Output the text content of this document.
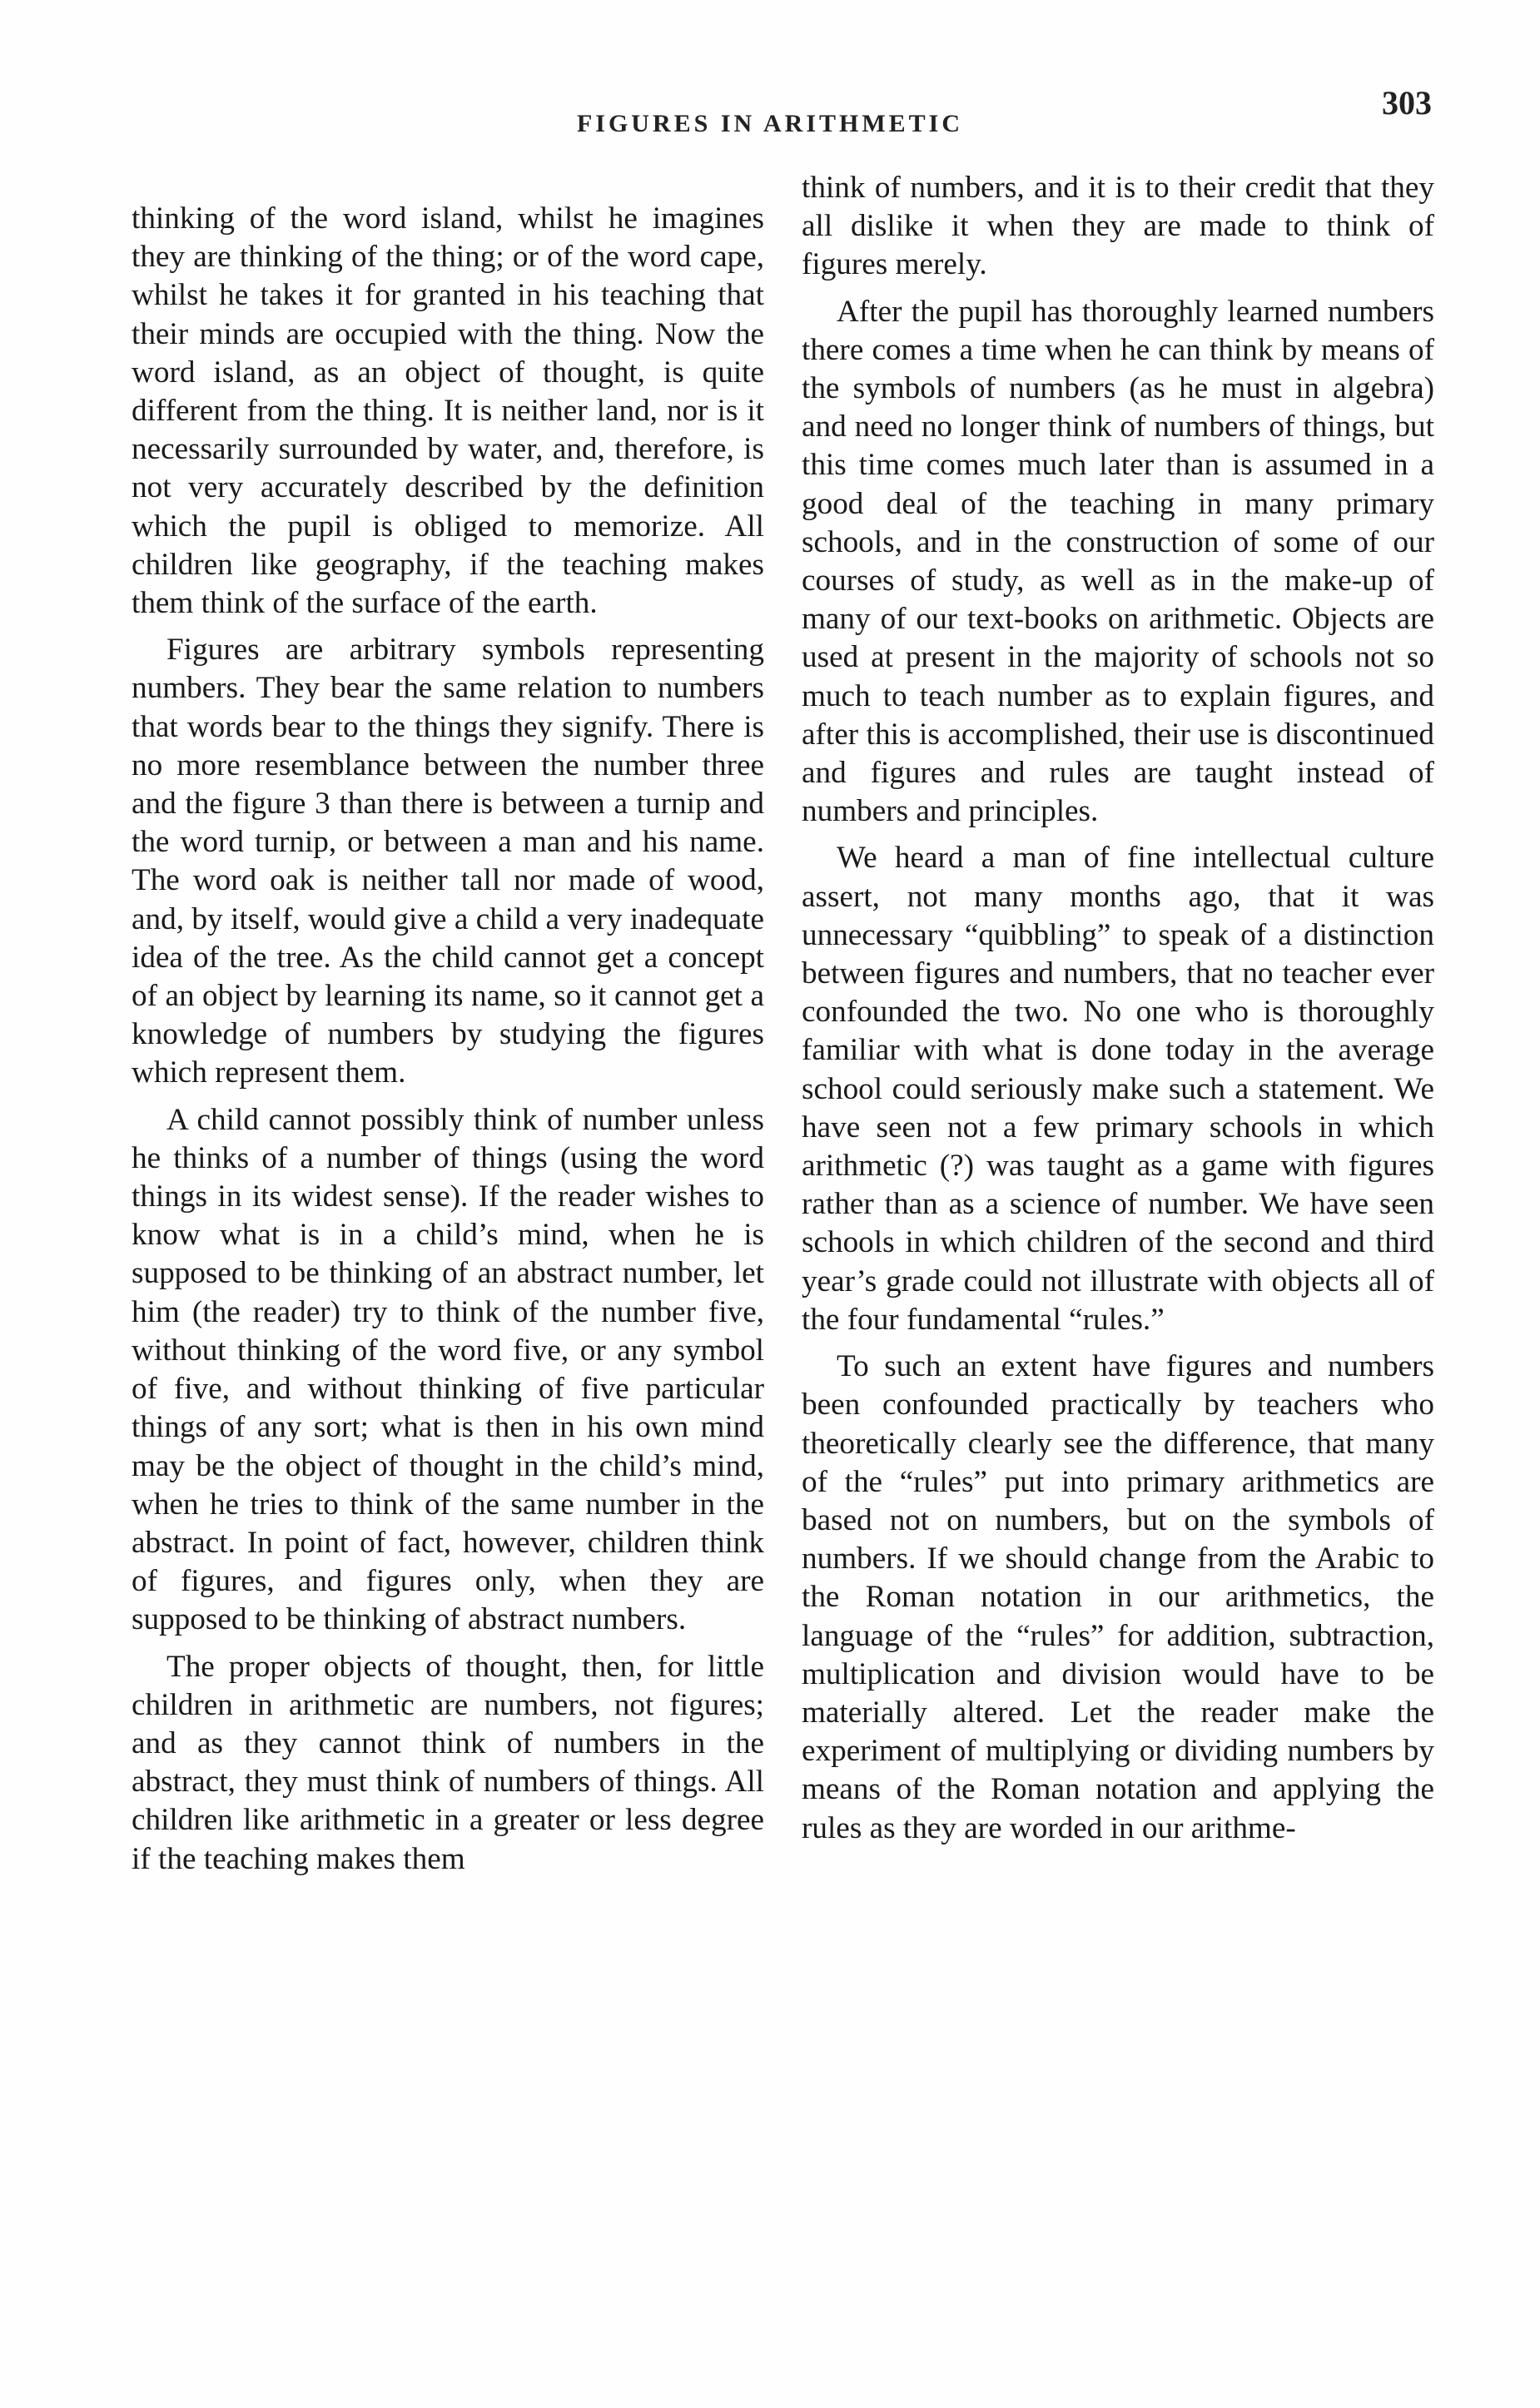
303
FIGURES IN ARITHMETIC

thinking of the word island, whilst he imagines they are thinking of the thing; or of the word cape, whilst he takes it for granted in his teaching that their minds are occupied with the thing. Now the word island, as an object of thought, is quite different from the thing. It is neither land, nor is it necessarily surrounded by water, and, therefore, is not very accurately described by the definition which the pupil is obliged to memorize. All children like geography, if the teaching makes them think of the surface of the earth.

Figures are arbitrary symbols representing numbers. They bear the same relation to numbers that words bear to the things they signify. There is no more resemblance between the number three and the figure 3 than there is between a turnip and the word turnip, or between a man and his name. The word oak is neither tall nor made of wood, and, by itself, would give a child a very inadequate idea of the tree. As the child cannot get a concept of an object by learning its name, so it cannot get a knowledge of numbers by studying the figures which represent them.

A child cannot possibly think of number unless he thinks of a number of things (using the word things in its widest sense). If the reader wishes to know what is in a child’s mind, when he is supposed to be thinking of an abstract number, let him (the reader) try to think of the number five, without thinking of the word five, or any symbol of five, and without thinking of five particular things of any sort; what is then in his own mind may be the object of thought in the child’s mind, when he tries to think of the same number in the abstract. In point of fact, however, children think of figures, and figures only, when they are supposed to be thinking of abstract numbers.

The proper objects of thought, then, for little children in arithmetic are numbers, not figures; and as they cannot think of numbers in the abstract, they must think of numbers of things. All children like arithmetic in a greater or less degree if the teaching makes them

think of numbers, and it is to their credit that they all dislike it when they are made to think of figures merely.

After the pupil has thoroughly learned numbers there comes a time when he can think by means of the symbols of numbers (as he must in algebra) and need no longer think of numbers of things, but this time comes much later than is assumed in a good deal of the teaching in many primary schools, and in the construction of some of our courses of study, as well as in the make-up of many of our text-books on arithmetic. Objects are used at present in the majority of schools not so much to teach number as to explain figures, and after this is accomplished, their use is discontinued and figures and rules are taught instead of numbers and principles.

We heard a man of fine intellectual culture assert, not many months ago, that it was unnecessary “quibbling” to speak of a distinction between figures and numbers, that no teacher ever confounded the two. No one who is thoroughly familiar with what is done today in the average school could seriously make such a statement. We have seen not a few primary schools in which arithmetic (?) was taught as a game with figures rather than as a science of number. We have seen schools in which children of the second and third year’s grade could not illustrate with objects all of the four fundamental “rules.”

To such an extent have figures and numbers been confounded practically by teachers who theoretically clearly see the difference, that many of the “rules” put into primary arithmetics are based not on numbers, but on the symbols of numbers. If we should change from the Arabic to the Roman notation in our arithmetics, the language of the “rules” for addition, subtraction, multiplication and division would have to be materially altered. Let the reader make the experiment of multiplying or dividing numbers by means of the Roman notation and applying the rules as they are worded in our arithme-
